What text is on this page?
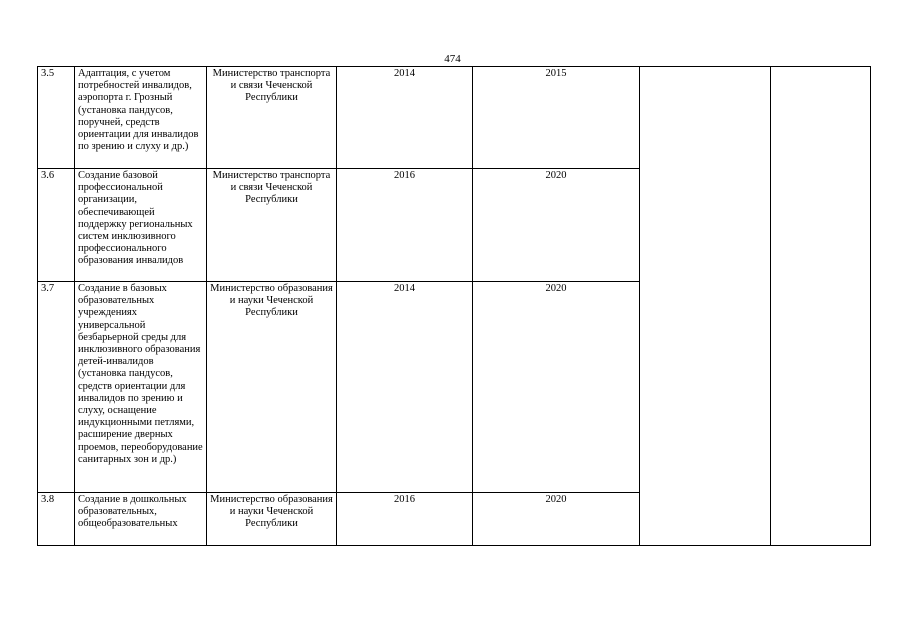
474
3.5	Адаптация, с учетом потребностей инвалидов, аэропорта г. Грозный (установка пандусов, поручней, средств ориентации для инвалидов по зрению и слуху и др.)	Министерство транспорта и связи Чеченской Республики	2014	2015		
3.6	Создание базовой профессиональной организации, обеспечивающей поддержку региональных систем инклюзивного профессионального образования инвалидов	Министерство транспорта и связи Чеченской Республики	2016	2020		
3.7	Создание в базовых образовательных учреждениях универсальной безбарьерной среды для инклюзивного образования детей-инвалидов (установка пандусов, средств ориентации для инвалидов по зрению и слуху, оснащение индукционными петлями, расширение дверных проемов, переоборудование санитарных зон и др.)	Министерство образования и науки Чеченской Республики	2014	2020		
3.8	Создание в дошкольных образовательных, общеобразовательных	Министерство образования и науки Чеченской Республики	2016	2020		
